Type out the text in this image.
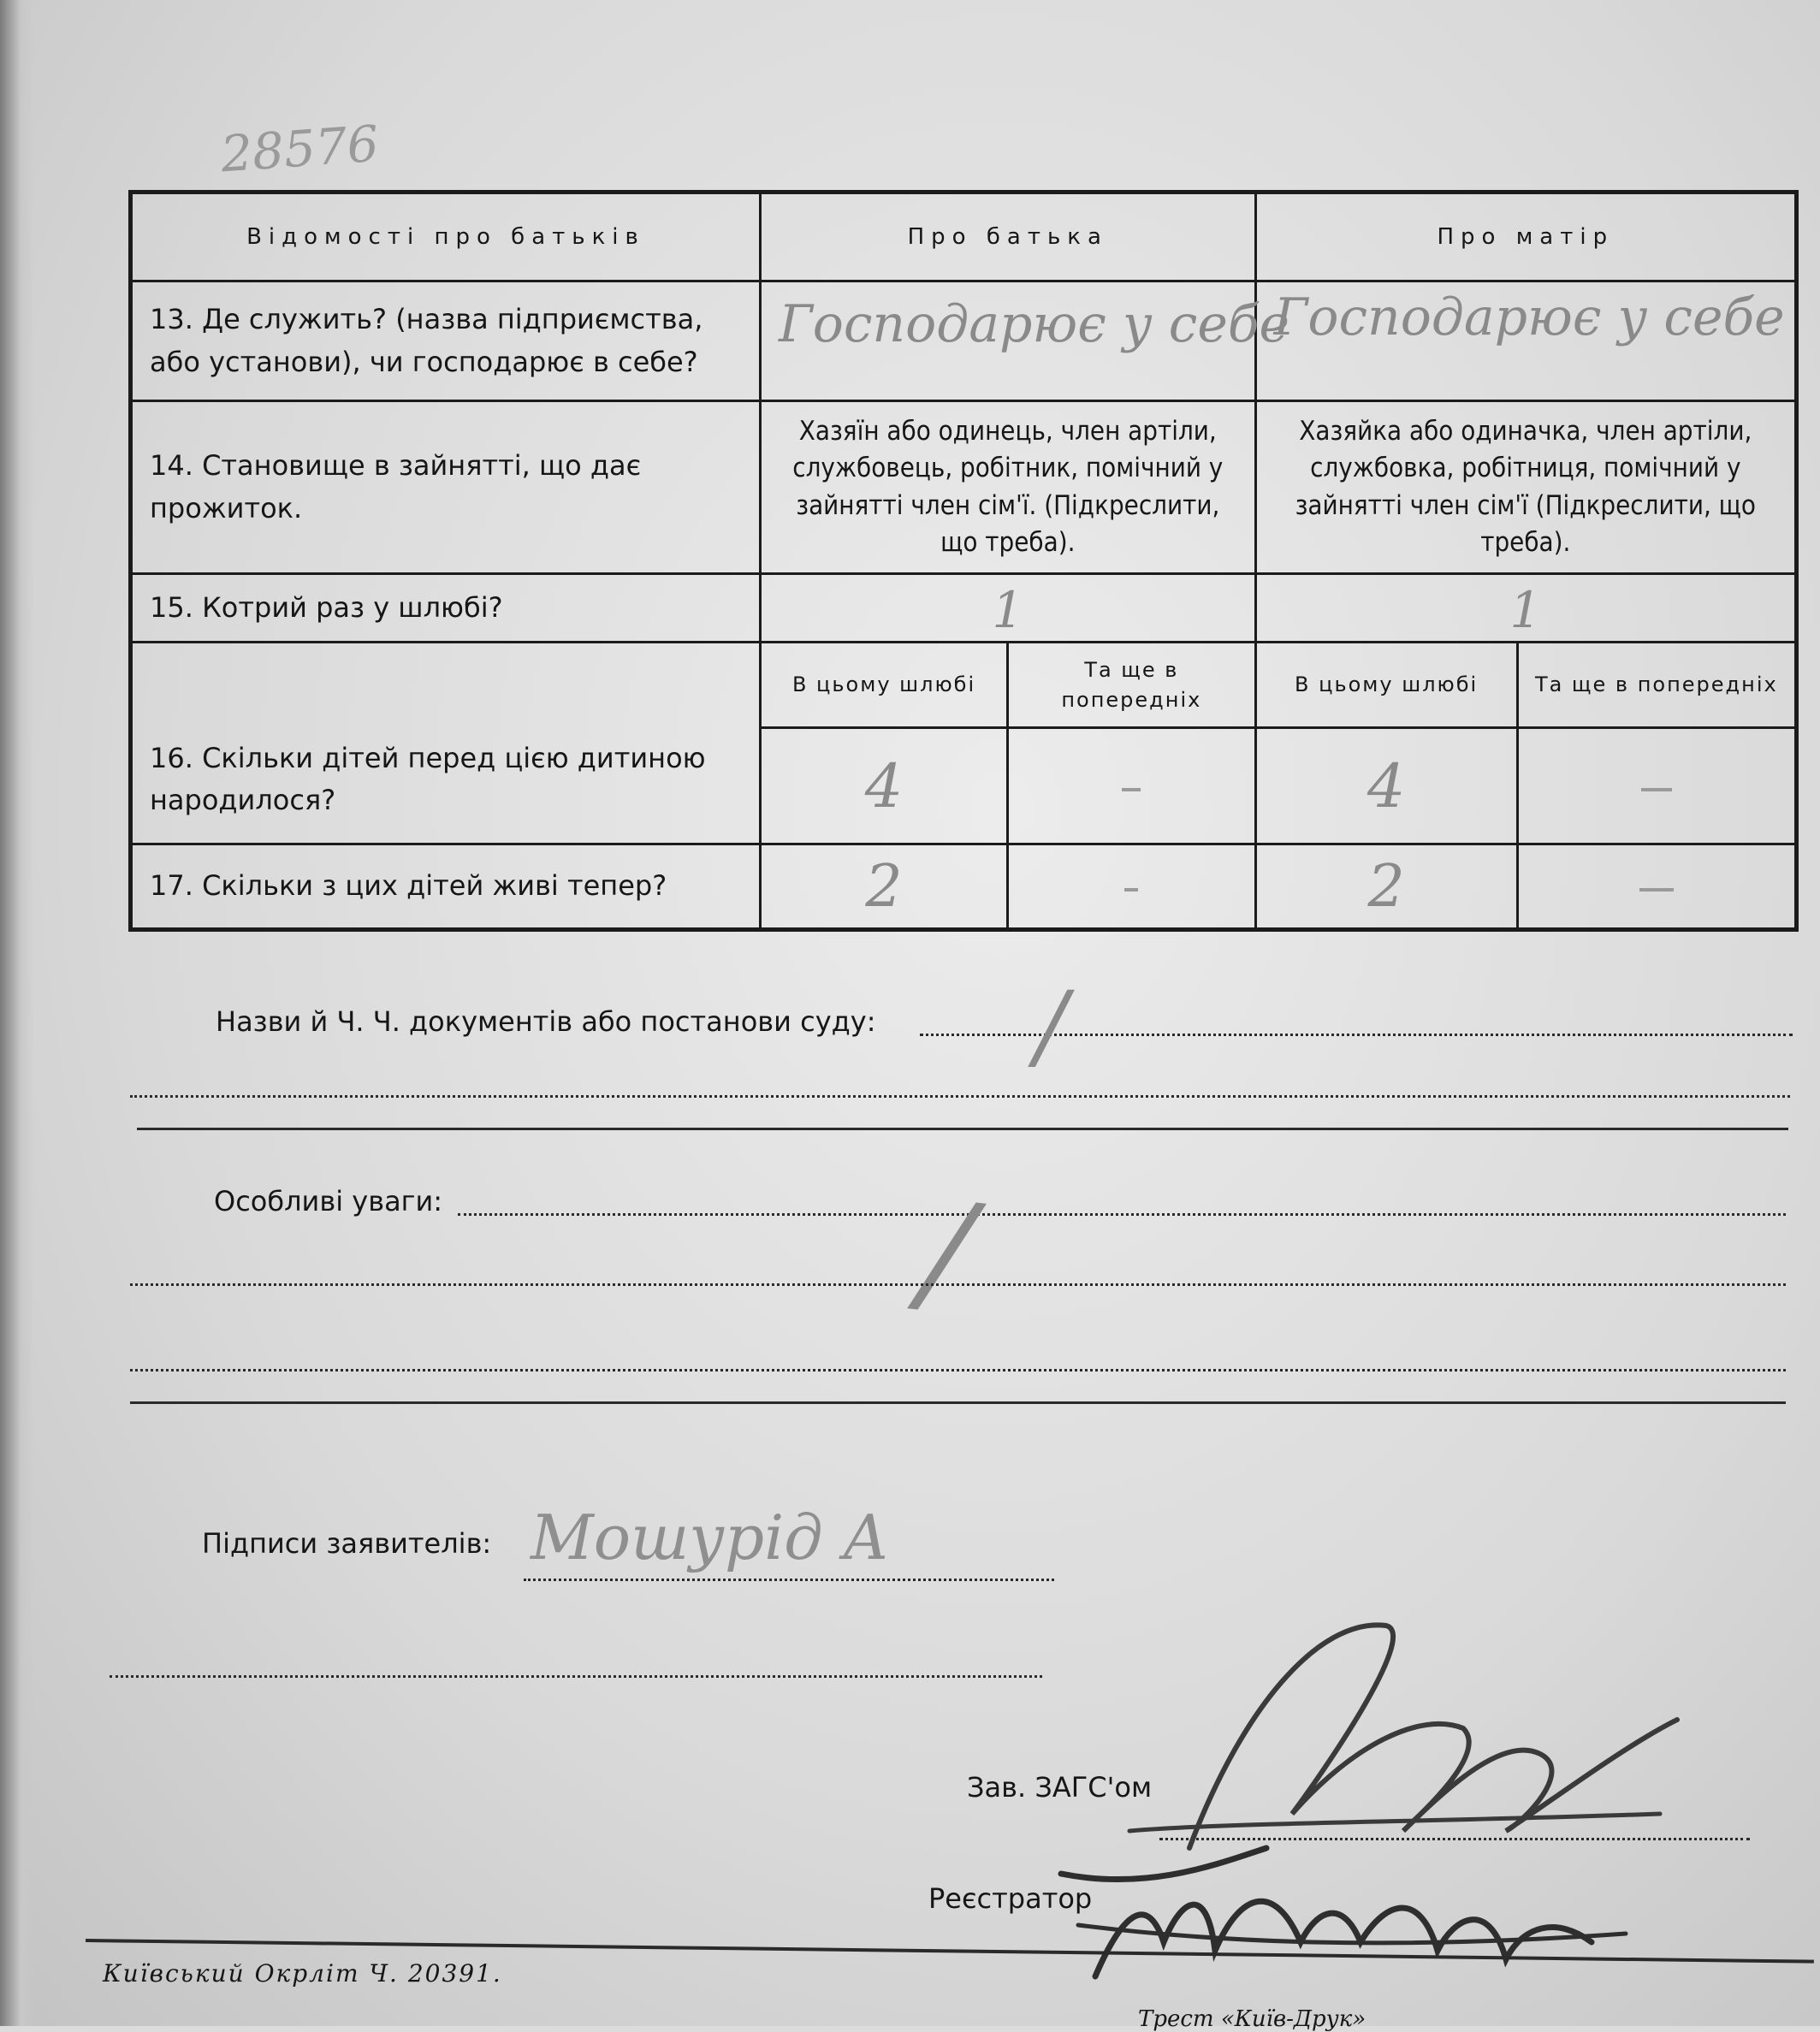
28576
Відомості про батьків	Про батька		Про матір	
13. Де служить? (назва підприємства, або установи), чи господарює в себе?	Господарює у себе		Господарює у себе	

14. Становище в зайнятті, що дає прожиток.	Хазяїн або одинець, член артіли, службовець, робітник, помічний у зайнятті член сім'ї. (Підкреслити, що треба).		Хазяйка або одиначка, член артіли, службовка, робітниця, помічний у зайнятті член сім'ї (Підкреслити, що треба).	
15. Котрий раз у шлюбі?	1		1	
16. Скільки дітей перед цією дитиною народилося?	В цьому шлюбі	Та ще в попередніх	В цьому шлюбі	Та ще в попередніх
	4		4	
17. Скільки з цих дітей живі тепер?	2		2	
Назви й Ч. Ч. документів або постанови суду: /
Особливі уваги:	/
Підписи заявителів: Мошурід А
Зав. ЗАГС'ом
Реєстратор
Київський Окрліт Ч. 20391.
Трест «Київ-Друк»
